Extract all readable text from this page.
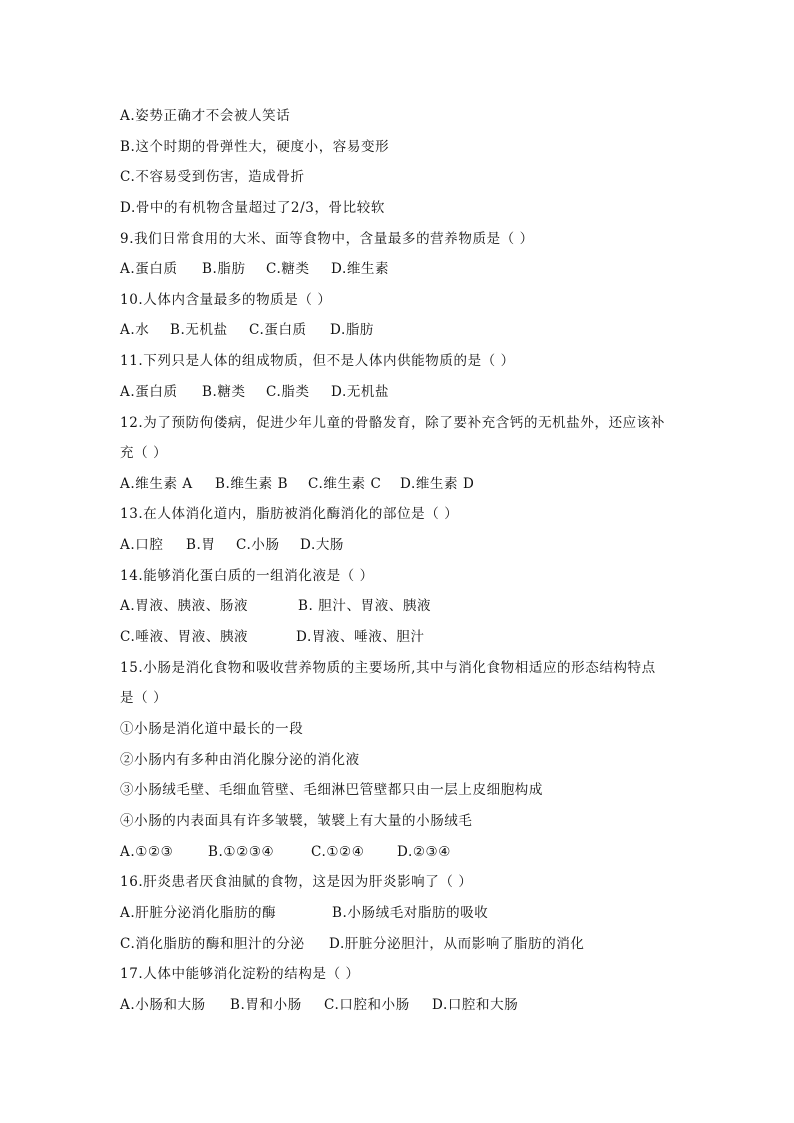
A.姿势正确才不会被人笑话
B.这个时期的骨弹性大，硬度小，容易变形
C.不容易受到伤害，造成骨折
D.骨中的有机物含量超过了2/3，骨比较软
9.我们日常食用的大米、面等食物中，含量最多的营养物质是（ ）
A.蛋白质 B.脂肪 C.糖类 D.维生素
10.人体内含量最多的物质是（ ）
A.水 B.无机盐 C.蛋白质 D.脂肪
11.下列只是人体的组成物质，但不是人体内供能物质的是（ ）
A.蛋白质 B.糖类 C.脂类 D.无机盐
12.为了预防佝偻病，促进少年儿童的骨骼发育，除了要补充含钙的无机盐外，还应该补
充（ ）
A.维生素 A B.维生素 B C.维生素 C D.维生素 D
13.在人体消化道内，脂肪被消化酶消化的部位是（ ）
A.口腔 B.胃 C.小肠 D.大肠
14.能够消化蛋白质的一组消化液是（ ）
A.胃液、胰液、肠液	B. 胆汁、胃液、胰液
C.唾液、胃液、胰液	D.胃液、唾液、胆汁
15.小肠是消化食物和吸收营养物质的主要场所,其中与消化食物相适应的形态结构特点
是（ ）
①小肠是消化道中最长的一段
②小肠内有多种由消化腺分泌的消化液
③小肠绒毛壁、毛细血管壁、毛细淋巴管壁都只由一层上皮细胞构成
④小肠的内表面具有许多皱襞，皱襞上有大量的小肠绒毛
A.①②③	B.①②③④	C.①②④ D.②③④
16.肝炎患者厌食油腻的食物，这是因为肝炎影响了（ ）
A.肝脏分泌消化脂肪的酶	B.小肠绒毛对脂肪的吸收
C.消化脂肪的酶和胆汁的分泌 D.肝脏分泌胆汁，从而影响了脂肪的消化
17.人体中能够消化淀粉的结构是（ ）
A.小肠和大肠 B.胃和小肠 C.口腔和小肠 D.口腔和大肠
